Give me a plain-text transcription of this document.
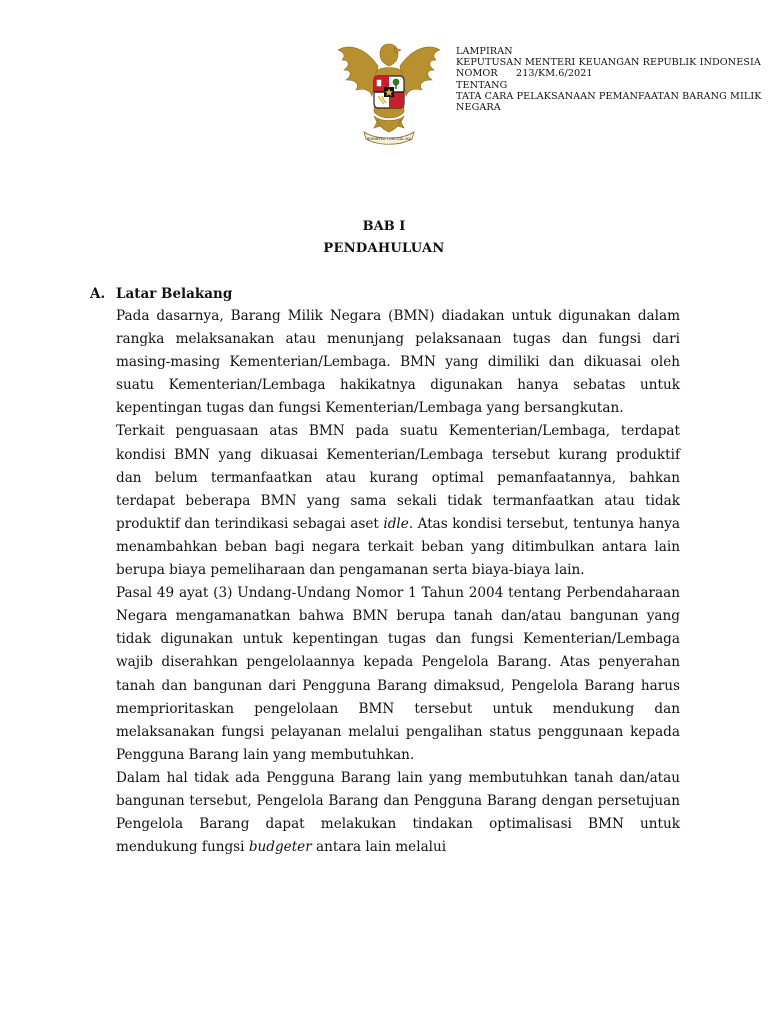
BHINNEKA TUNGGAL IKA
LAMPIRAN
KEPUTUSAN MENTERI KEUANGAN REPUBLIK INDONESIA
NOMOR 213/KM.6/2021
TENTANG
TATA CARA PELAKSANAAN PEMANFAATAN BARANG MILIK
NEGARA
BAB I
PENDAHULUAN
A. Latar Belakang

Pada dasarnya, Barang Milik Negara (BMN) diadakan untuk digunakan dalam rangka melaksanakan atau menunjang pelaksanaan tugas dan fungsi dari masing-masing Kementerian/Lembaga. BMN yang dimiliki dan dikuasai oleh suatu Kementerian/Lembaga hakikatnya digunakan hanya sebatas untuk kepentingan tugas dan fungsi Kementerian/Lembaga yang bersangkutan.

Terkait penguasaan atas BMN pada suatu Kementerian/Lembaga, terdapat kondisi BMN yang dikuasai Kementerian/Lembaga tersebut kurang produktif dan belum termanfaatkan atau kurang optimal pemanfaatannya, bahkan terdapat beberapa BMN yang sama sekali tidak termanfaatkan atau tidak produktif dan terindikasi sebagai aset idle. Atas kondisi tersebut, tentunya hanya menambahkan beban bagi negara terkait beban yang ditimbulkan antara lain berupa biaya pemeliharaan dan pengamanan serta biaya-biaya lain.

Pasal 49 ayat (3) Undang-Undang Nomor 1 Tahun 2004 tentang Perbendaharaan Negara mengamanatkan bahwa BMN berupa tanah dan/atau bangunan yang tidak digunakan untuk kepentingan tugas dan fungsi Kementerian/Lembaga wajib diserahkan pengelolaannya kepada Pengelola Barang. Atas penyerahan tanah dan bangunan dari Pengguna Barang dimaksud, Pengelola Barang harus memprioritaskan pengelolaan BMN tersebut untuk mendukung dan melaksanakan fungsi pelayanan melalui pengalihan status penggunaan kepada Pengguna Barang lain yang membutuhkan.

Dalam hal tidak ada Pengguna Barang lain yang membutuhkan tanah dan/atau bangunan tersebut, Pengelola Barang dan Pengguna Barang dengan persetujuan Pengelola Barang dapat melakukan tindakan optimalisasi BMN untuk mendukung fungsi budgeter antara lain melalui
